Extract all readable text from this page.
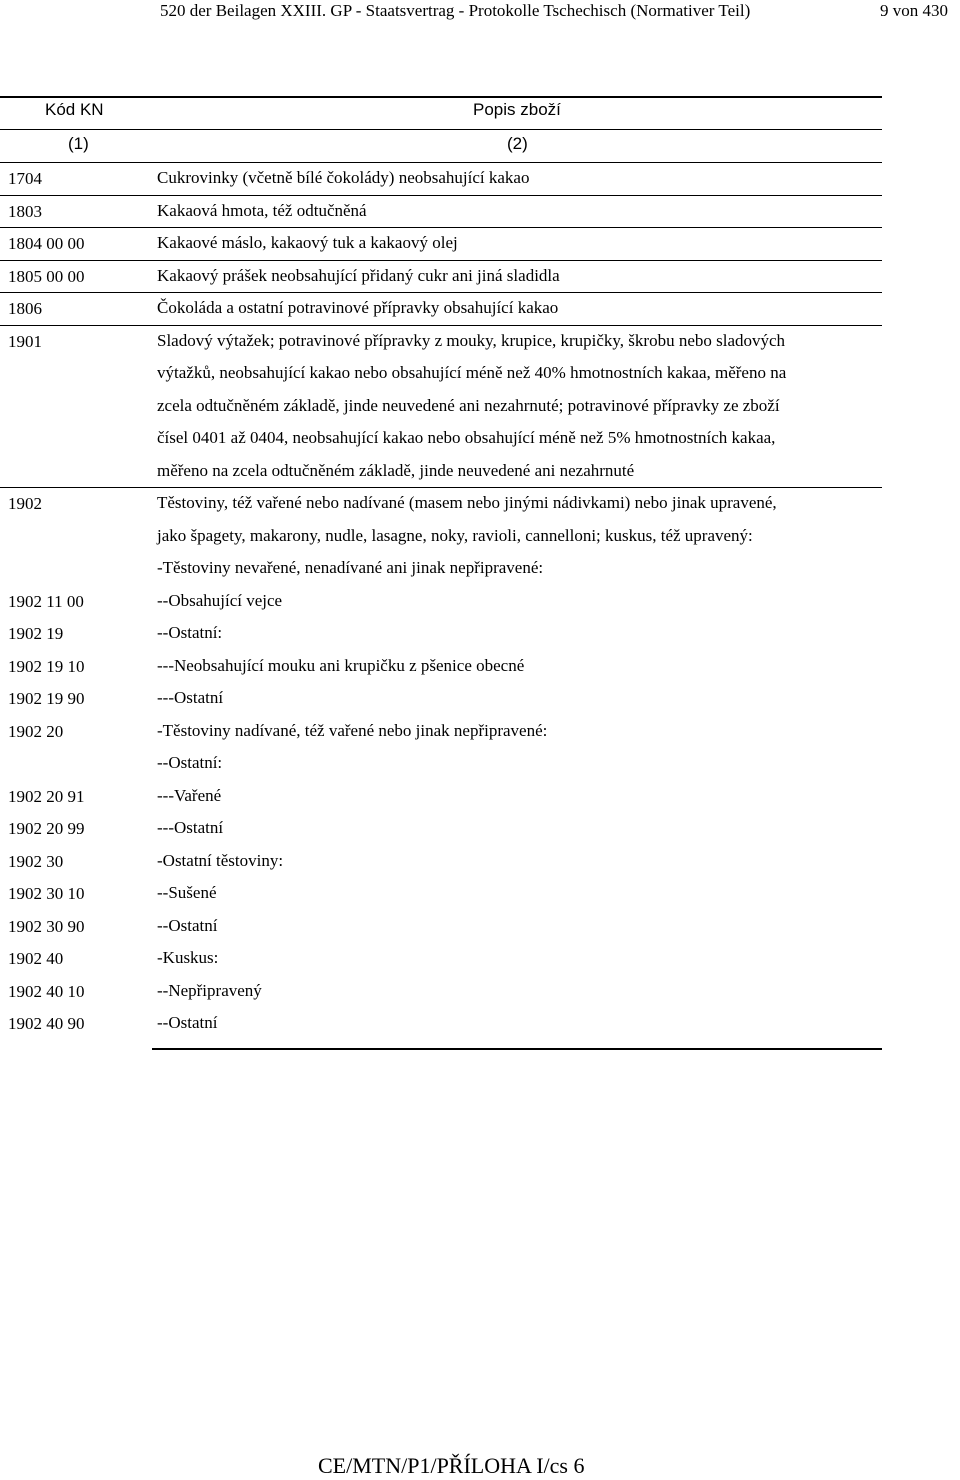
520 der Beilagen XXIII. GP - Staatsvertrag - Protokolle Tschechisch (Normativer Teil)	9 von 430
Kód KN	Popis zboží
(1)	(2)
1704	Cukrovinky (včetně bílé čokolády) neobsahující kakao
1803	Kakaová hmota, též odtučněná
1804 00 00	Kakaové máslo, kakaový tuk a kakaový olej
1805 00 00	Kakaový prášek neobsahující přidaný cukr ani jiná sladidla
1806	Čokoláda a ostatní potravinové přípravky obsahující kakao
1901	Sladový výtažek; potravinové přípravky z mouky, krupice, krupičky, škrobu nebo sladových
výtažků, neobsahující kakao nebo obsahující méně než 40% hmotnostních kakaa, měřeno na
zcela odtučněném základě, jinde neuvedené ani nezahrnuté; potravinové přípravky ze zboží
čísel 0401 až 0404, neobsahující kakao nebo obsahující méně než 5% hmotnostních kakaa,
měřeno na zcela odtučněném základě, jinde neuvedené ani nezahrnuté
1902	Těstoviny, též vařené nebo nadívané (masem nebo jinými nádivkami) nebo jinak upravené,
jako špagety, makarony, nudle, lasagne, noky, ravioli, cannelloni; kuskus, též upravený:
-Těstoviny nevařené, nenadívané ani jinak nepřipravené:
1902 11 00	--Obsahující vejce
1902 19	--Ostatní:
1902 19 10	---Neobsahující mouku ani krupičku z pšenice obecné
1902 19 90	---Ostatní
1902 20	-Těstoviny nadívané, též vařené nebo jinak nepřipravené:
--Ostatní:
1902 20 91	---Vařené
1902 20 99	---Ostatní
1902 30	-Ostatní těstoviny:
1902 30 10	--Sušené
1902 30 90	--Ostatní
1902 40	-Kuskus:
1902 40 10	--Nepřipravený
1902 40 90	--Ostatní
CE/MTN/P1/PŘÍLOHA I/cs 6
